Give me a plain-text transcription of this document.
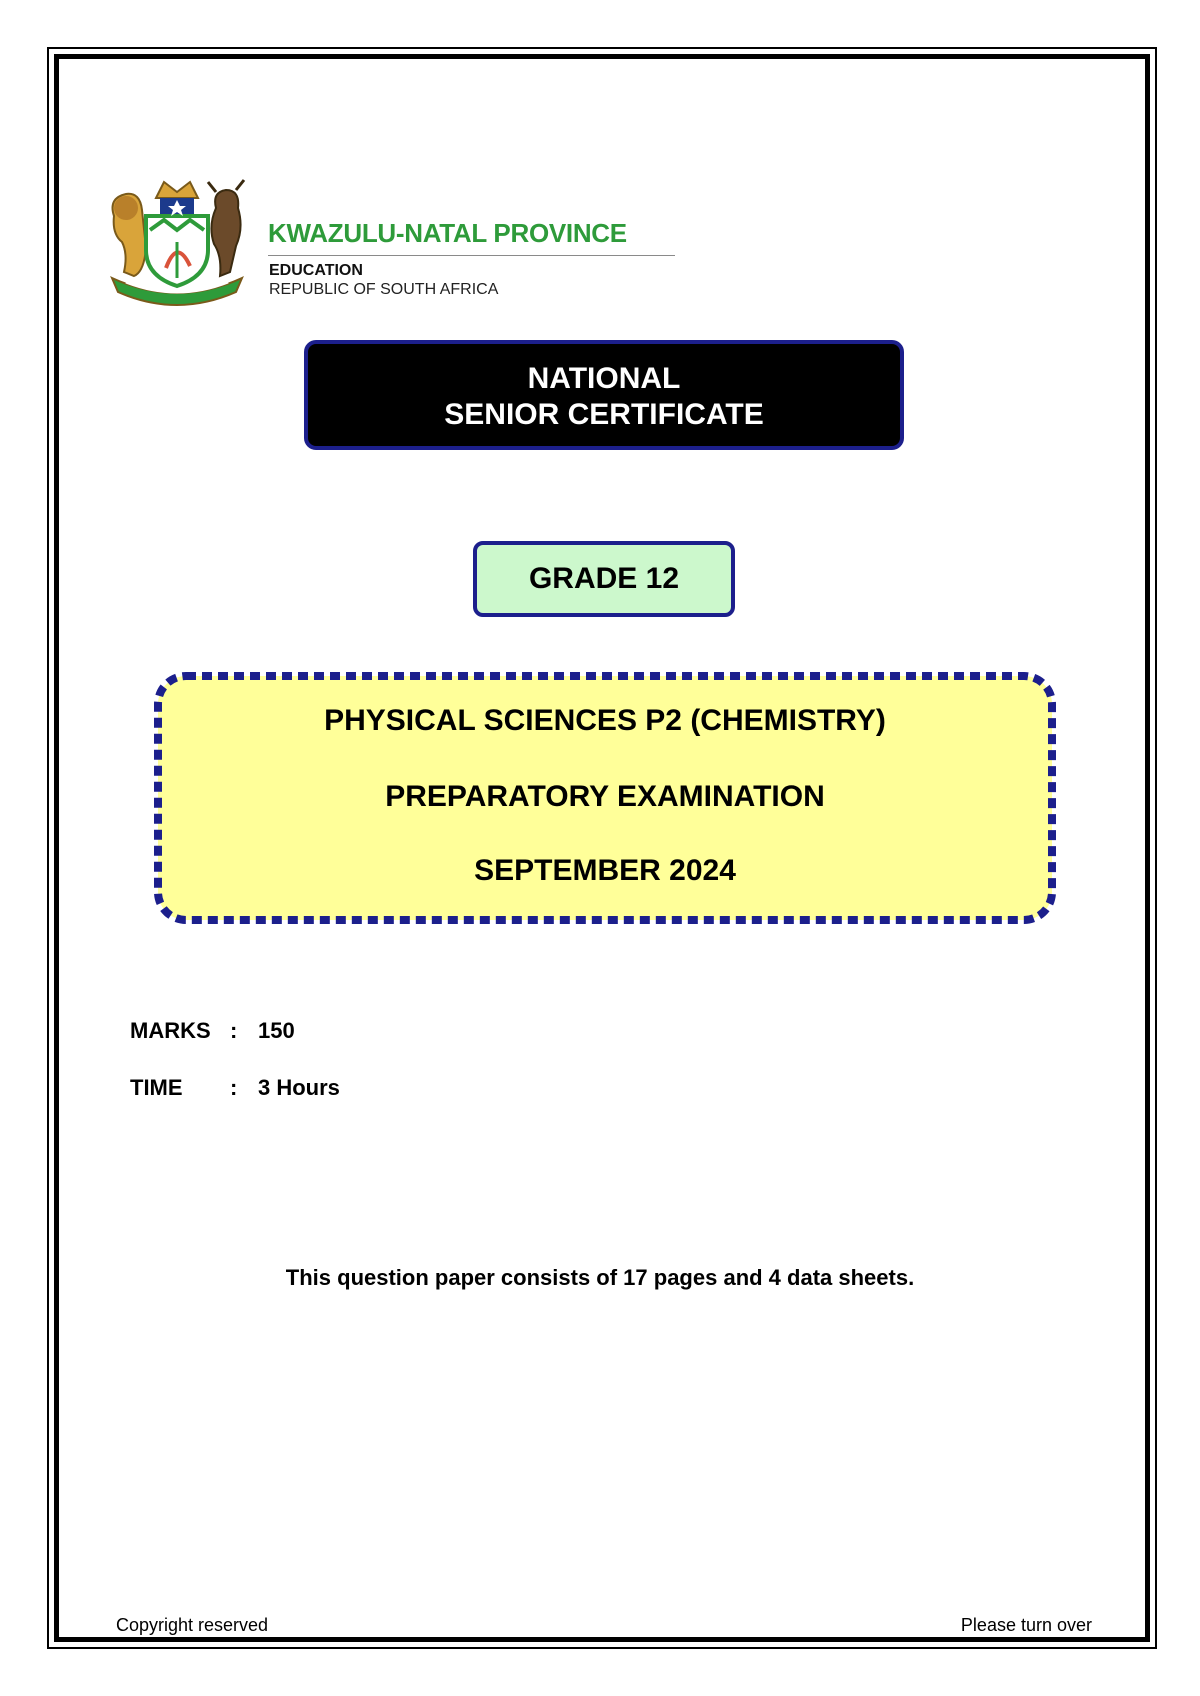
KWAZULU-NATAL PROVINCE
EDUCATION
REPUBLIC OF SOUTH AFRICA
NATIONAL
SENIOR CERTIFICATE
GRADE 12
PHYSICAL SCIENCES P2 (CHEMISTRY)
PREPARATORY EXAMINATION
SEPTEMBER 2024
MARKS : 150
TIME : 3 Hours
This question paper consists of 17 pages and 4 data sheets.
Copyright reserved	Please turn over
